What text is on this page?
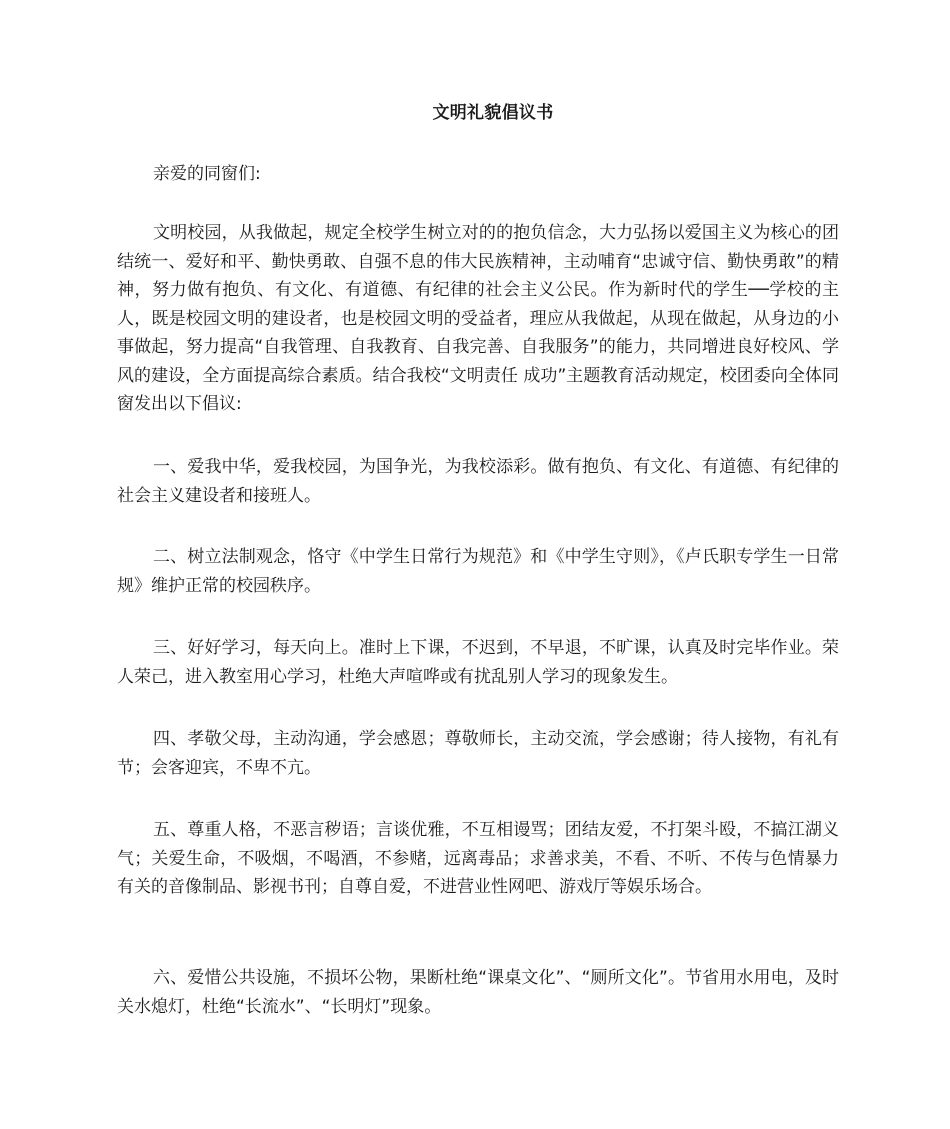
文明礼貌倡议书
亲爱的同窗们:

文明校园，从我做起，规定全校学生树立对的的抱负信念，大力弘扬以爱国主义为核心的团结统一、爱好和平、勤快勇敢、自强不息的伟大民族精神，主动哺育“忠诚守信、勤快勇敢”的精神，努力做有抱负、有文化、有道德、有纪律的社会主义公民。作为新时代的学生──学校的主人，既是校园文明的建设者，也是校园文明的受益者，理应从我做起，从现在做起，从身边的小事做起，努力提高“自我管理、自我教育、自我完善、自我服务”的能力，共同增进良好校风、学风的建设，全方面提高综合素质。结合我校“文明责任 成功”主题教育活动规定，校团委向全体同窗发出以下倡议:

一、爱我中华，爱我校园，为国争光，为我校添彩。做有抱负、有文化、有道德、有纪律的社会主义建设者和接班人。

二、树立法制观念，恪守《中学生日常行为规范》和《中学生守则》，《卢氏职专学生一日常规》维护正常的校园秩序。

三、好好学习，每天向上。准时上下课，不迟到，不早退，不旷课，认真及时完毕作业。荣人荣己，进入教室用心学习，杜绝大声喧哗或有扰乱别人学习的现象发生。

四、孝敬父母，主动沟通，学会感恩；尊敬师长，主动交流，学会感谢；待人接物，有礼有节；会客迎宾，不卑不亢。

五、尊重人格，不恶言秽语；言谈优雅，不互相谩骂；团结友爱，不打架斗殴，不搞江湖义气；关爱生命，不吸烟，不喝酒，不参赌，远离毒品；求善求美，不看、不听、不传与色情暴力有关的音像制品、影视书刊；自尊自爱，不进营业性网吧、游戏厅等娱乐场合。

六、爱惜公共设施，不损坏公物，果断杜绝“课桌文化”、“厕所文化”。节省用水用电，及时关水熄灯，杜绝“长流水”、“长明灯”现象。
